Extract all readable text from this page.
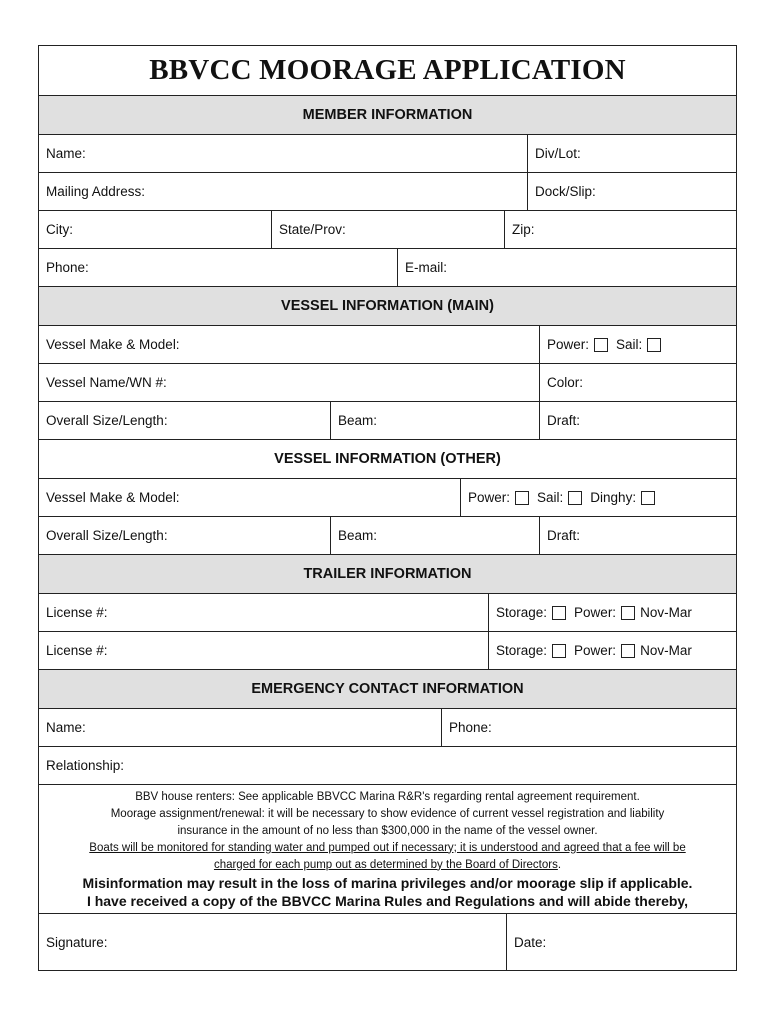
BBVCC MOORAGE APPLICATION
MEMBER INFORMATION
Name:	Div/Lot:
Mailing Address:	Dock/Slip:
City:	State/Prov:	Zip:
Phone:	E-mail:
VESSEL INFORMATION (MAIN)
Vessel Make & Model:	Power: Sail:
Vessel Name/WN #:	Color:
Overall Size/Length:	Beam:	Draft:
VESSEL INFORMATION (OTHER)
Vessel Make & Model:	Power: Sail: Dinghy:
Overall Size/Length:	Beam:	Draft:
TRAILER INFORMATION
License #:	Storage: Power: Nov-Mar
License #:	Storage: Power: Nov-Mar
EMERGENCY CONTACT INFORMATION
Name:	Phone:
Relationship:
BBV house renters: See applicable BBVCC Marina R&R's regarding rental agreement requirement.
Moorage assignment/renewal: it will be necessary to show evidence of current vessel registration and liability
insurance in the amount of no less than $300,000 in the name of the vessel owner.
Boats will be monitored for standing water and pumped out if necessary; it is understood and agreed that a fee will be
charged for each pump out as determined by the Board of Directors.
Misinformation may result in the loss of marina privileges and/or moorage slip if applicable.
I have received a copy of the BBVCC Marina Rules and Regulations and will abide thereby,
Signature:	Date:
